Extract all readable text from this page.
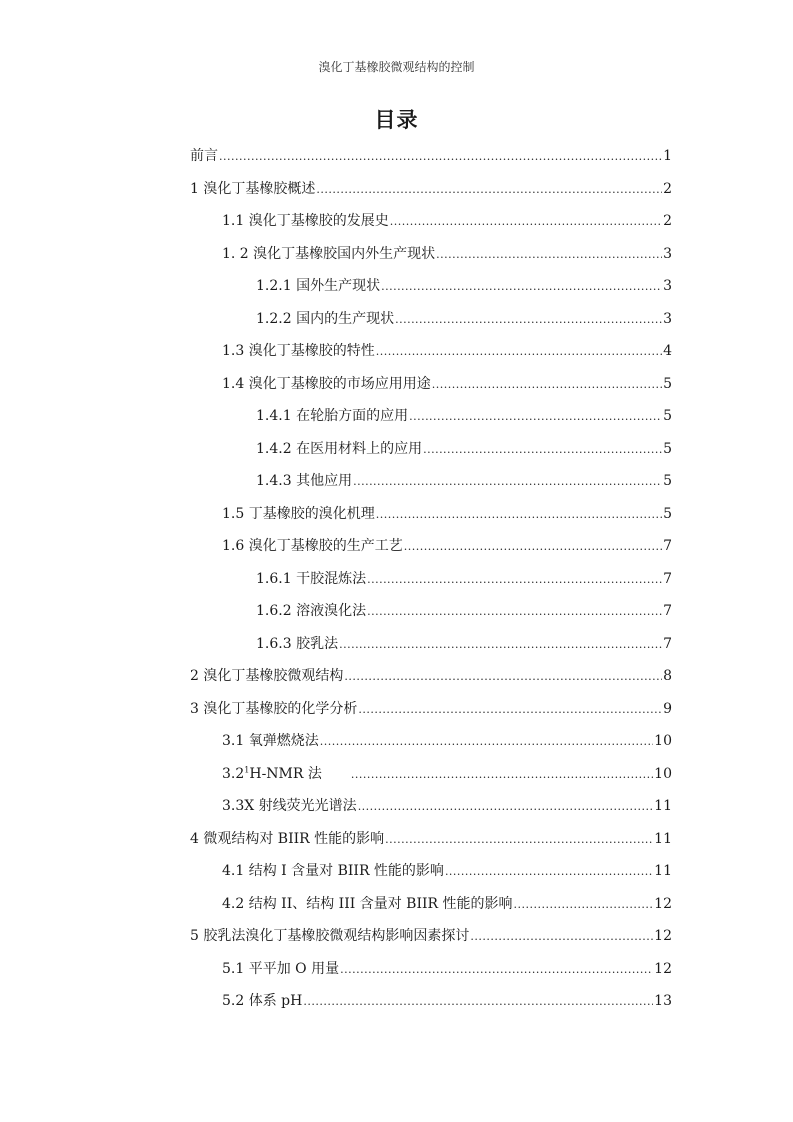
溴化丁基橡胶微观结构的控制
目录
前言 .....	1
1 溴化丁基橡胶概述 .....	2
1.1 溴化丁基橡胶的发展史 .....	2
1. 2 溴化丁基橡胶国内外生产现状 .....	3
1.2.1 国外生产现状 .....	3
1.2.2 国内的生产现状 .....	3
1.3 溴化丁基橡胶的特性 .....	4
1.4 溴化丁基橡胶的市场应用用途 .....	5
1.4.1 在轮胎方面的应用 .....	5
1.4.2 在医用材料上的应用 .....	5
1.4.3 其他应用 .....	5
1.5 丁基橡胶的溴化机理 .....	5
1.6 溴化丁基橡胶的生产工艺 .....	7
1.6.1 干胶混炼法 .....	7
1.6.2 溶液溴化法 .....	7
1.6.3 胶乳法 .....	7
2 溴化丁基橡胶微观结构 .....	8
3 溴化丁基橡胶的化学分析 .....	9
3.1 氧弹燃烧法 .....	10
$3.2^1H$-NMR 法 .....	10
3.3X 射线荧光光谱法 .....	11
4 微观结构对 BIIR 性能的影响 .....	11
4.1 结构 I 含量对 BIIR 性能的影响 .....	11
4.2 结构 II、结构 III 含量对 BIIR 性能的影响 .....	12
5 胶乳法溴化丁基橡胶微观结构影响因素探讨 .....	12
5.1 平平加 O 用量 .....	12
5.2 体系 pH .....	13
